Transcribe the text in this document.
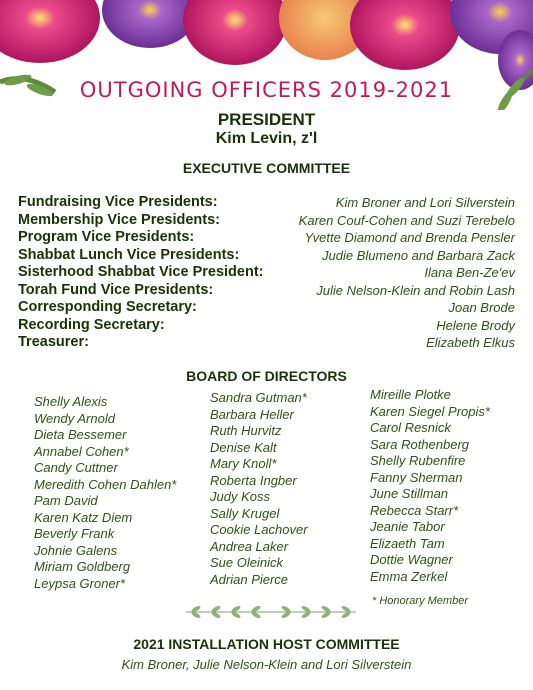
OUTGOING OFFICERS 2019-2021
PRESIDENT
Kim Levin, z'l
EXECUTIVE COMMITTEE
Fundraising Vice Presidents:	Kim Broner and Lori Silverstein
Membership Vice Presidents:	Karen Couf-Cohen and Suzi Terebelo
Program Vice Presidents:	Yvette Diamond and Brenda Pensler
Shabbat Lunch Vice Presidents:	Judie Blumeno and Barbara Zack
Sisterhood Shabbat Vice President:	Ilana Ben-Ze'ev
Torah Fund Vice Presidents:	Julie Nelson-Klein and Robin Lash
Corresponding Secretary:	Joan Brode
Recording Secretary:	Helene Brody
Treasurer:	Elizabeth Elkus
BOARD OF DIRECTORS
Shelly Alexis
Wendy Arnold
Dieta Bessemer
Annabel Cohen*
Candy Cuttner
Meredith Cohen Dahlen*
Pam David
Karen Katz Diem
Beverly Frank
Johnie Galens
Miriam Goldberg
Leypsa Groner*
Sandra Gutman*
Barbara Heller
Ruth Hurvitz
Denise Kalt
Mary Knoll*
Roberta Ingber
Judy Koss
Sally Krugel
Cookie Lachover
Andrea Laker
Sue Oleinick
Adrian Pierce
Mireille Plotke
Karen Siegel Propis*
Carol Resnick
Sara Rothenberg
Shelly Rubenfire
Fanny Sherman
June Stillman
Rebecca Starr*
Jeanie Tabor
Elizaeth Tam
Dottie Wagner
Emma Zerkel
* Honorary Member
2021 INSTALLATION HOST COMMITTEE
Kim Broner, Julie Nelson-Klein and Lori Silverstein
